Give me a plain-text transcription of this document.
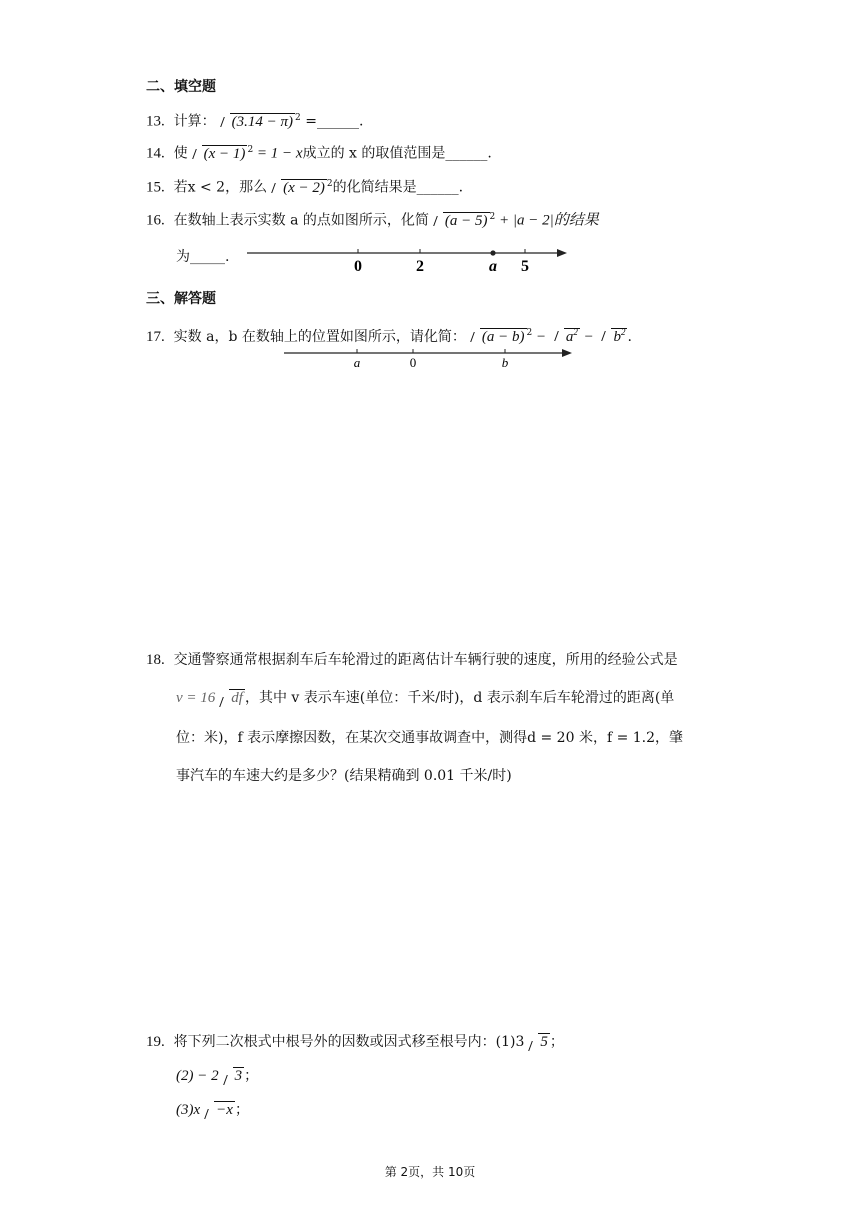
二、填空题
13. 计算： (3.14 − π) $^2$ =______.
14. 使 (x − 1) $^2$ = 1 − x成立的 x 的取值范围是______.
15. 若x < 2，那么 (x − 2) $^2$的化简结果是______.
16. 在数轴上表示实数 a 的点如图所示，化简 (a − 5) $^2$ + |a − 2|的结果
为_____.
0	2	a 5
三、解答题
17. 实数 a，b 在数轴上的位置如图所示，请化简： (a − b) $^2 - a^2 - b^2$ .
a	0	b
18. 交通警察通常根据刹车后车轮滑过的距离估计车辆行驶的速度，所用的经验公式是
v = 16 df ，其中 v 表示车速(单位：千米/时)，d 表示刹车后车轮滑过的距离(单
位：米)，f 表示摩擦因数，在某次交通事故调查中，测得d = 20 米，f = 1.2，肇
事汽车的车速大约是多少？(结果精确到 0.01 千米/时)
19. 将下列二次根式中根号外的因数或因式移至根号内：(1)3 5 ；
(2) − 2 3 ；
(3)x −x ；
第 2页，共 10页
